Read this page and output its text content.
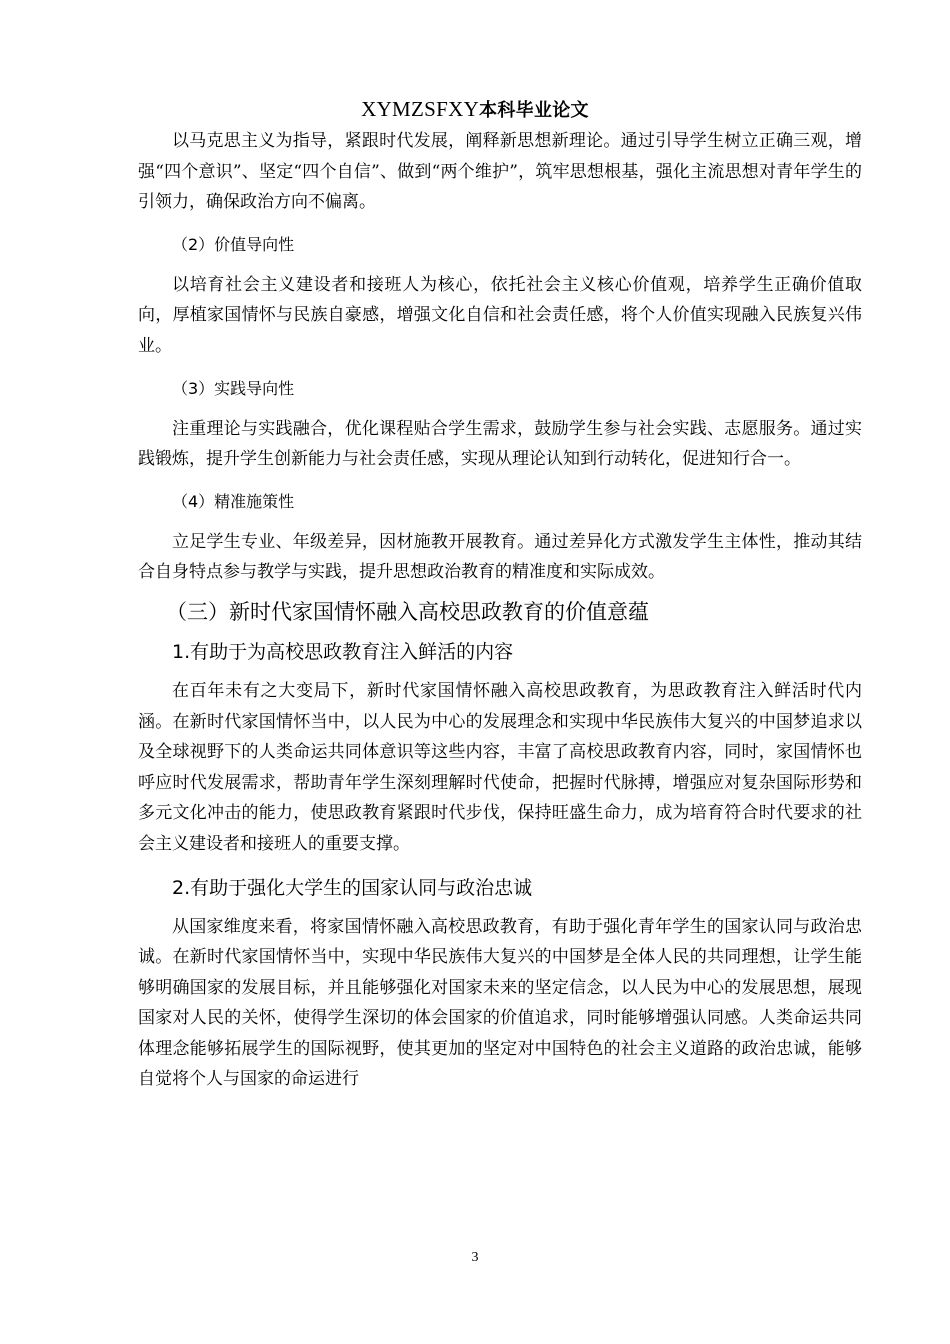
XYMZSFXY本科毕业论文

以马克思主义为指导，紧跟时代发展，阐释新思想新理论。通过引导学生树立正确三观，增强“四个意识”、坚定“四个自信”、做到“两个维护”，筑牢思想根基，强化主流思想对青年学生的引领力，确保政治方向不偏离。

（2）价值导向性

以培育社会主义建设者和接班人为核心，依托社会主义核心价值观，培养学生正确价值取向，厚植家国情怀与民族自豪感，增强文化自信和社会责任感，将个人价值实现融入民族复兴伟业。

（3）实践导向性

注重理论与实践融合，优化课程贴合学生需求，鼓励学生参与社会实践、志愿服务。通过实践锻炼，提升学生创新能力与社会责任感，实现从理论认知到行动转化，促进知行合一。

（4）精准施策性

立足学生专业、年级差异，因材施教开展教育。通过差异化方式激发学生主体性，推动其结合自身特点参与教学与实践，提升思想政治教育的精准度和实际成效。

（三）新时代家国情怀融入高校思政教育的价值意蕴

1.有助于为高校思政教育注入鲜活的内容

在百年未有之大变局下，新时代家国情怀融入高校思政教育，为思政教育注入鲜活时代内涵。在新时代家国情怀当中，以人民为中心的发展理念和实现中华民族伟大复兴的中国梦追求以及全球视野下的人类命运共同体意识等这些内容，丰富了高校思政教育内容，同时，家国情怀也呼应时代发展需求，帮助青年学生深刻理解时代使命，把握时代脉搏，增强应对复杂国际形势和多元文化冲击的能力，使思政教育紧跟时代步伐，保持旺盛生命力，成为培育符合时代要求的社会主义建设者和接班人的重要支撑。

2.有助于强化大学生的国家认同与政治忠诚

从国家维度来看，将家国情怀融入高校思政教育，有助于强化青年学生的国家认同与政治忠诚。在新时代家国情怀当中，实现中华民族伟大复兴的中国梦是全体人民的共同理想，让学生能够明确国家的发展目标，并且能够强化对国家未来的坚定信念，以人民为中心的发展思想，展现国家对人民的关怀，使得学生深切的体会国家的价值追求，同时能够增强认同感。人类命运共同体理念能够拓展学生的国际视野，使其更加的坚定对中国特色的社会主义道路的政治忠诚，能够自觉将个人与国家的命运进行

3
